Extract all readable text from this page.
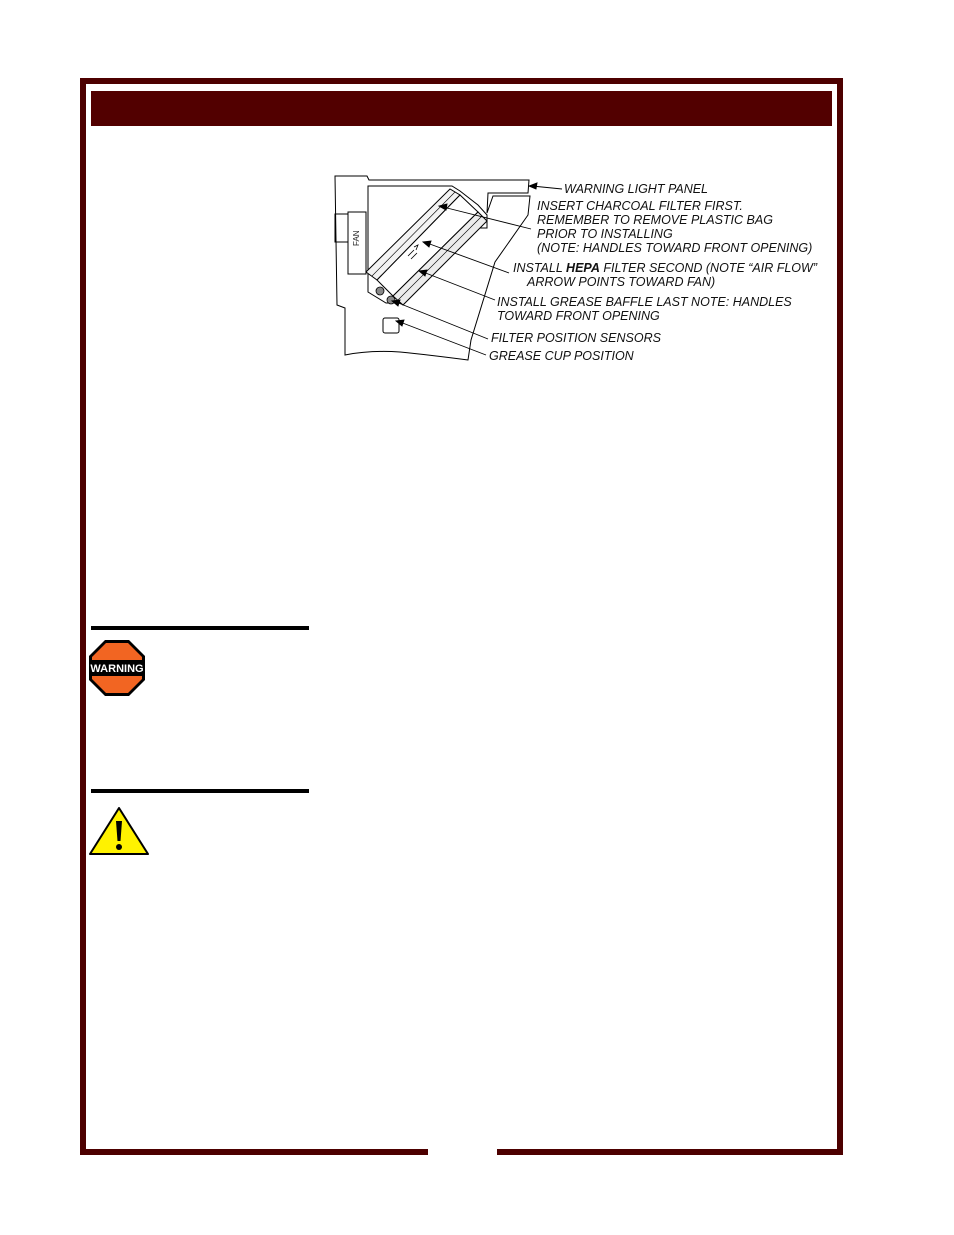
FAN
WARNING LIGHT PANEL
INSERT CHARCOAL FILTER FIRST.
REMEMBER TO REMOVE PLASTIC BAG
PRIOR TO INSTALLING
(NOTE: HANDLES TOWARD FRONT OPENING)
INSTALL HEPA FILTER SECOND (NOTE “AIR FLOW”
ARROW POINTS TOWARD FAN)
INSTALL GREASE BAFFLE LAST NOTE: HANDLES
TOWARD FRONT OPENING
FILTER POSITION SENSORS
GREASE CUP POSITION
WARNING
